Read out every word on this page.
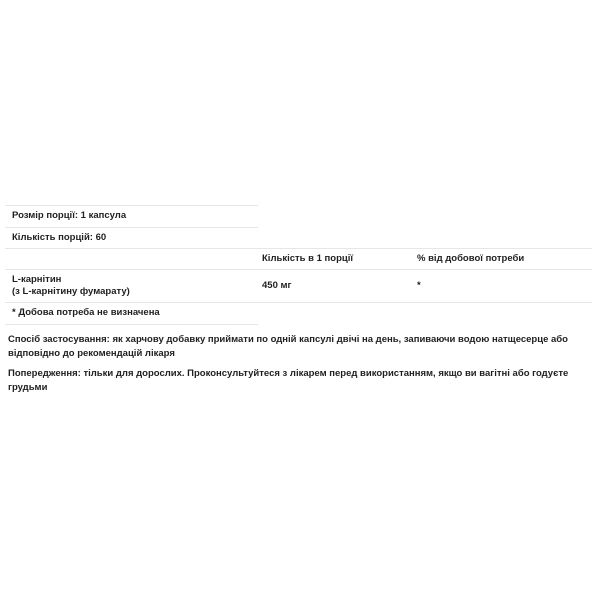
Розмір порції: 1 капсула
Кількість порцій: 60
Кількість в 1 порції	% від добової потреби
L-карнітин
(з L-карнітину фумарату)
450 мг	*
* Добова потреба не визначена
Спосіб застосування: як харчову добавку приймати по одній капсулі двічі на день, запиваючи водою натщесерце або відповідно до рекомендацій лікаря
Попередження: тільки для дорослих. Проконсультуйтеся з лікарем перед використанням, якщо ви вагітні або годуєте грудьми
